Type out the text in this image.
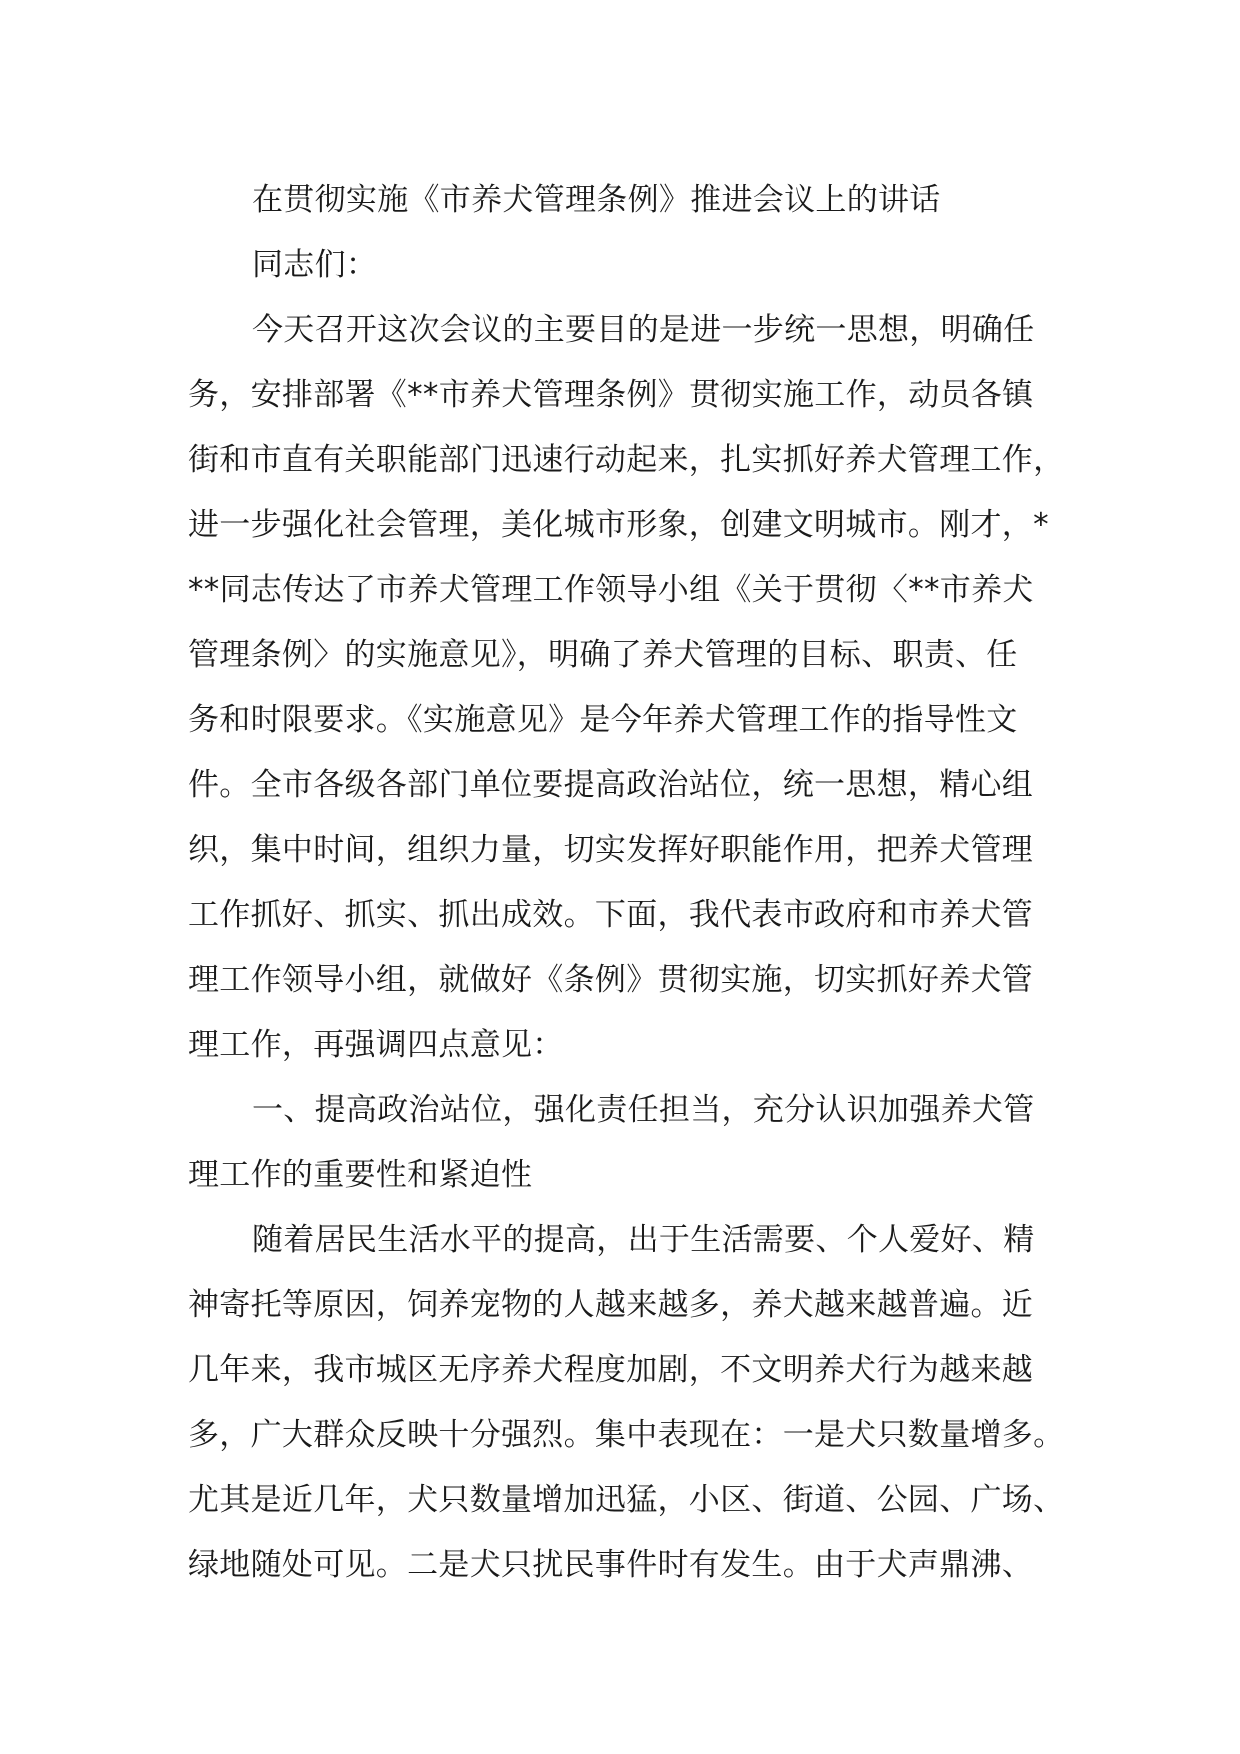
在贯彻实施《市养犬管理条例》推进会议上的讲话
同志们：
今天召开这次会议的主要目的是进一步统一思想，明确任
务，安排部署《**市养犬管理条例》贯彻实施工作，动员各镇
街和市直有关职能部门迅速行动起来，扎实抓好养犬管理工作，
进一步强化社会管理，美化城市形象，创建文明城市。刚才，*
**同志传达了市养犬管理工作领导小组《关于贯彻〈**市养犬
管理条例〉的实施意见》，明确了养犬管理的目标、职责、任
务和时限要求。《实施意见》是今年养犬管理工作的指导性文
件。全市各级各部门单位要提高政治站位，统一思想，精心组
织，集中时间，组织力量，切实发挥好职能作用，把养犬管理
工作抓好、抓实、抓出成效。下面，我代表市政府和市养犬管
理工作领导小组，就做好《条例》贯彻实施，切实抓好养犬管
理工作，再强调四点意见：
一、提高政治站位，强化责任担当，充分认识加强养犬管
理工作的重要性和紧迫性
随着居民生活水平的提高，出于生活需要、个人爱好、精
神寄托等原因，饲养宠物的人越来越多，养犬越来越普遍。近
几年来，我市城区无序养犬程度加剧，不文明养犬行为越来越
多，广大群众反映十分强烈。集中表现在：一是犬只数量增多。
尤其是近几年，犬只数量增加迅猛，小区、街道、公园、广场、
绿地随处可见。二是犬只扰民事件时有发生。由于犬声鼎沸、
